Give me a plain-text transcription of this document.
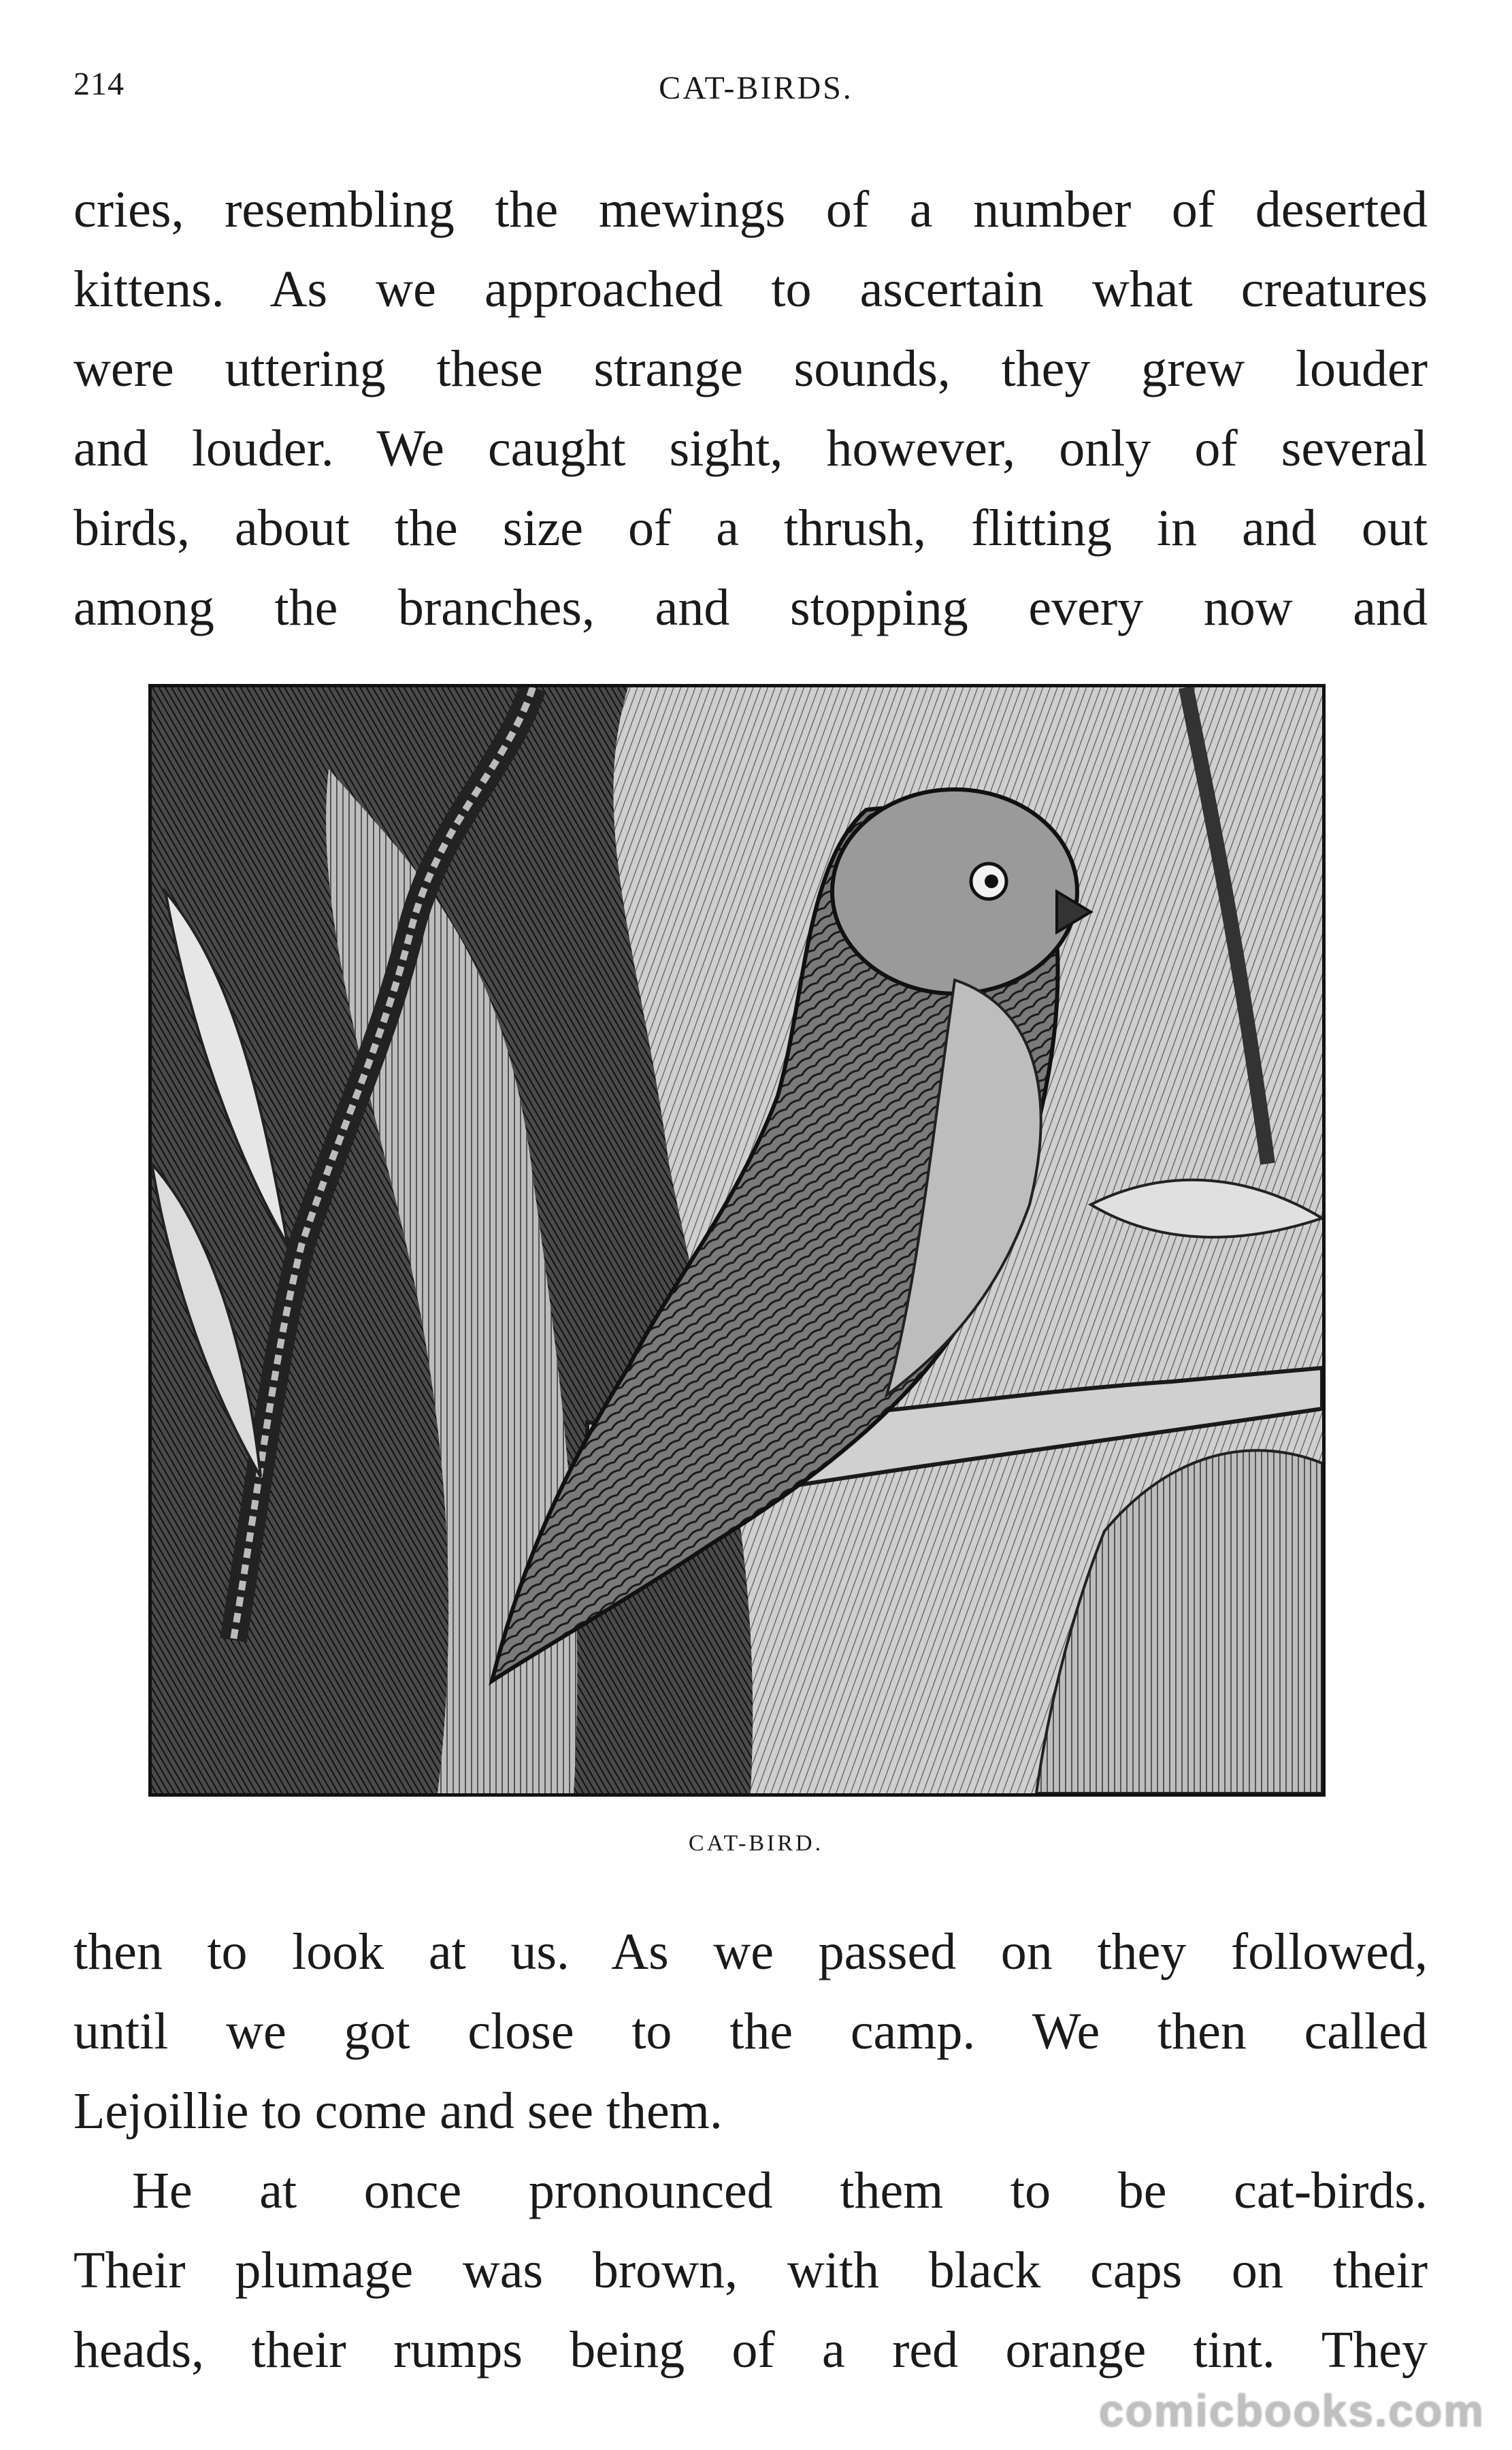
214	CAT-BIRDS.
cries, resembling the mewings of a number of deserted
kittens. As we approached to ascertain what creatures
were uttering these strange sounds, they grew louder
and louder. We caught sight, however, only of several
birds, about the size of a thrush, flitting in and out
among the branches, and stopping every now and
CAT-BIRD.
then to look at us. As we passed on they followed,
until we got close to the camp. We then called
Lejoillie to come and see them.
He at once pronounced them to be cat-birds.
Their plumage was brown, with black caps on their
heads, their rumps being of a red orange tint. They
comicbooks.com
